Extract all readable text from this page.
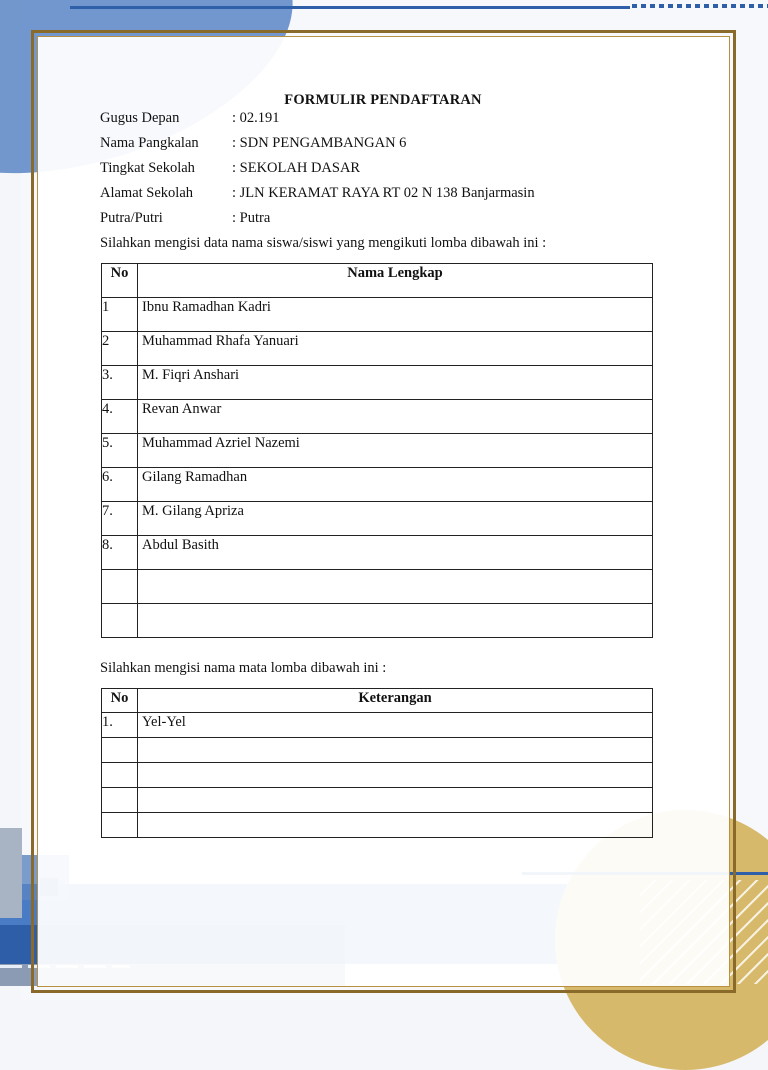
FORMULIR PENDAFTARAN
Gugus Depan	: 02.191
Nama Pangkalan : SDN PENGAMBANGAN 6
Tingkat Sekolah	: SEKOLAH DASAR
Alamat Sekolah	: JLN KERAMAT RAYA RT 02 N 138 Banjarmasin
Putra/Putri	: Putra
Silahkan mengisi data nama siswa/siswi yang mengikuti lomba dibawah ini :
No	Nama Lengkap
1	Ibnu Ramadhan Kadri
2	Muhammad Rhafa Yanuari
3.	M. Fiqri Anshari
4.	Revan Anwar
5.	Muhammad Azriel Nazemi
6.	Gilang Ramadhan
7.	M. Gilang Apriza
8.	Abdul Basith

Silahkan mengisi nama mata lomba dibawah ini :
No	Keterangan
1.	Yel-Yel
